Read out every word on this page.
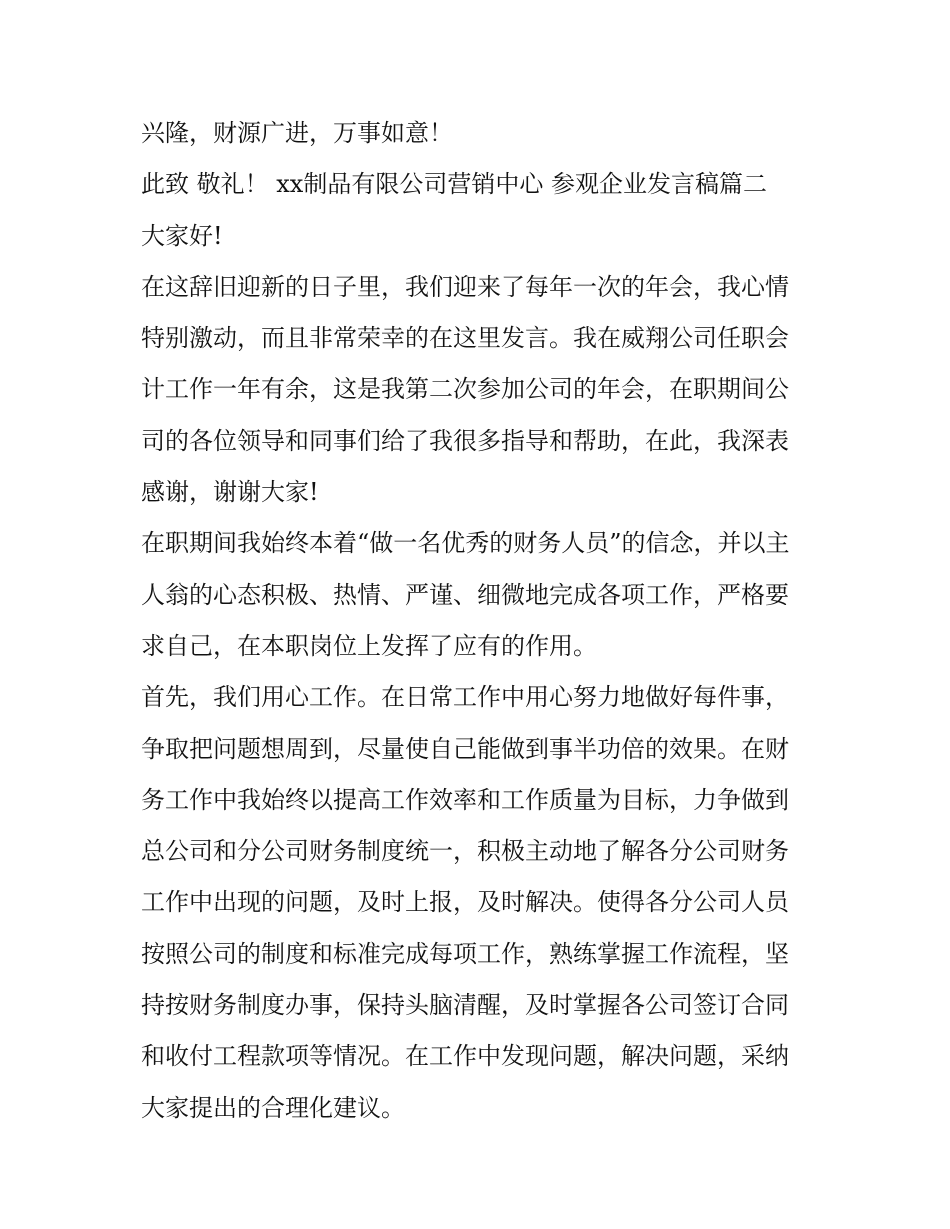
兴隆，财源广进，万事如意！
此致 敬礼！ xx制品有限公司营销中心 参观企业发言稿篇二
大家好!
在这辞旧迎新的日子里，我们迎来了每年一次的年会，我心情
特别激动，而且非常荣幸的在这里发言。我在威翔公司任职会
计工作一年有余，这是我第二次参加公司的年会，在职期间公
司的各位领导和同事们给了我很多指导和帮助，在此，我深表
感谢，谢谢大家!
在职期间我始终本着“做一名优秀的财务人员”的信念，并以主
人翁的心态积极、热情、严谨、细微地完成各项工作，严格要
求自己，在本职岗位上发挥了应有的作用。
首先，我们用心工作。在日常工作中用心努力地做好每件事，
争取把问题想周到，尽量使自己能做到事半功倍的效果。在财
务工作中我始终以提高工作效率和工作质量为目标，力争做到
总公司和分公司财务制度统一，积极主动地了解各分公司财务
工作中出现的问题，及时上报，及时解决。使得各分公司人员
按照公司的制度和标准完成每项工作，熟练掌握工作流程，坚
持按财务制度办事，保持头脑清醒，及时掌握各公司签订合同
和收付工程款项等情况。在工作中发现问题，解决问题，采纳
大家提出的合理化建议。
